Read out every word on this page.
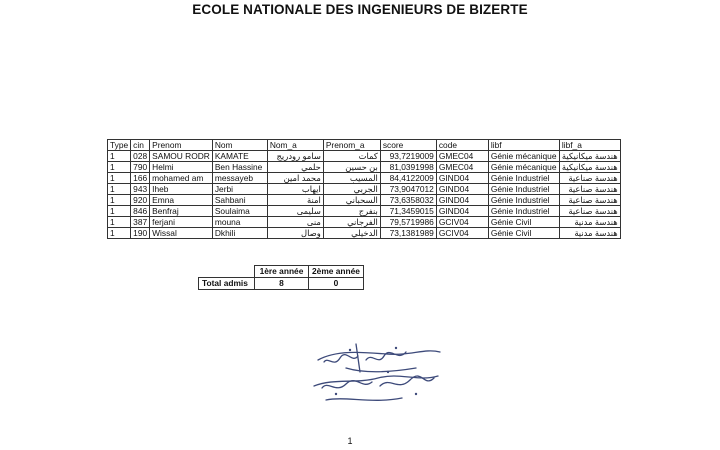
ECOLE NATIONALE DES INGENIEURS DE BIZERTE
Type	cin	Prenom	Nom	Nom_a	Prenom_a	score	code	libf	libf_a
1	028	SAMOU RODR	KAMATE	سامو رودريج	كمات	93,7219009	GMEC04	Génie mécanique	هندسة ميكانيكية
1	790	Helmi	Ben Hassine	حلمي	بن حسين	81,0391998	GMEC04	Génie mécanique	هندسة ميكانيكية
1	166	mohamed am	messayeb	محمد امين	المسيب	84,4122009	GIND04	Génie Industriel	هندسة صناعية
1	943	Iheb	Jerbi	ايهاب	الجربي	73,9047012	GIND04	Génie Industriel	هندسة صناعية
1	920	Emna	Sahbani	امنة	السحباني	73,6358032	GIND04	Génie Industriel	هندسة صناعية
1	846	Benfraj	Soulaima	سليمى	بنفرج	71,3459015	GIND04	Génie Industriel	هندسة صناعية
1	387	ferjani	mouna	منى	الفرجاني	79,5719986	GCIV04	Génie Civil	هندسة مدنية
1	190	Wissal	Dkhili	وصال	الدخيلي	73,1381989	GCIV04	Génie Civil	هندسة مدنية
	1ère année	2ème année
Total admis	8	0
1
